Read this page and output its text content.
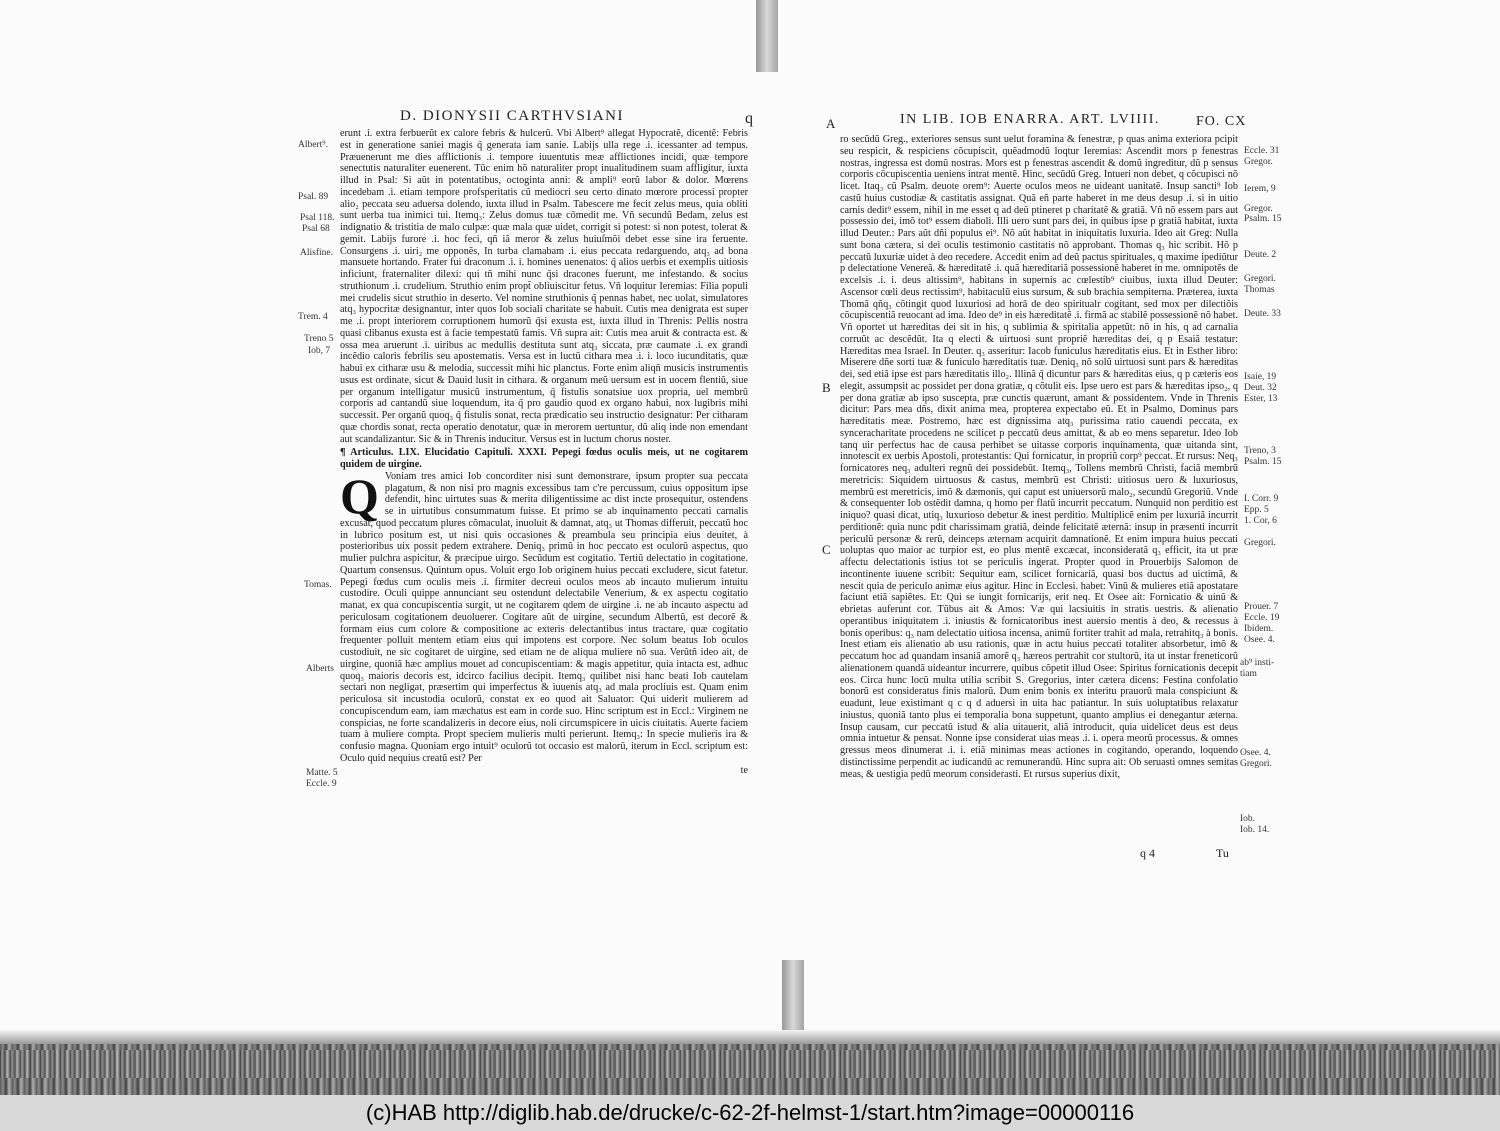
D. DIONYSII CARTHVSIANI	q
Albert⁹.
Psal. 89
Psal 118.
Psal 68
Alisfine.
Trem. 4
Treno 5
Iob, 7
Tomas.
Alberts
Matte. 5
Eccle. 9

erunt .i. extra ferbuerũt ex calore febris & hulcerũ. Vbi Albert⁹ allegat Hypocratẽ, dicentẽ: Febris est in generatione saniei magis q̃ generata iam sanie. Labijs ulla rege .i. icessanter ad tempus. Præuenerunt me dies afflictionis .i. tempore iuuentutis meæ afflictiones incidi, quæ tempore senectutis naturaliter euenerent. Tũc enim hõ naturaliter propt inualitudinem suam affligitur, iuxta illud in Psal: Si aũt in potentatibus, octoginta anni: & ampli⁹ eorũ labor & dolor. Mœrens incedebam .i. etiam tempore profsperitatis cũ mediocri seu certo dinato mœrore processi propter alio₂ peccata seu aduersa dolendo, iuxta illud in Psalm. Tabescere me fecit zelus meus, quia obliti sunt uerba tua inimici tui. Itemq₃: Zelus domus tuæ cõmedit me. Vñ secundũ Bedam, zelus est indignatio & tristitia de malo culpæ: quæ mala quæ uidet, corrigit si potest: si non potest, tolerat & gemit. Labijs furore .i. hoc feci, qñ iã meror & zelus huiuſmõi debet esse sine ira feruente. Consurgens .i. uiri₂ me opponẽs, In turba clamabam .i. eius peccata redarguendo, atq₃ ad bona mansuete hortando. Frater fui draconum .i. i. homines uenenatos: q̃ alios uerbis et exemplis uitiosis inficiunt, fraternaliter dilexi: qui tñ mihi nunc q̃si dracones fuerunt, me infestando. & socius struthionum .i. crudelium. Struthio enim propt̃ obliuiscitur fetus. Vñ loquitur Ieremias: Filia populi mei crudelis sicut struthio in deserto. Vel nomine struthionis q̃ pennas habet, nec uolat, simulatores atq₃ hypocritæ designantur, inter quos Iob sociali charitate se habuit. Cutis mea denigrata est super me .i. propt interiorem corruptionem humorũ q̃si exusta est, iuxta illud in Threnis: Pellis nostra quasi clibanus exusta est à facie tempestatũ famis. Vñ supra ait: Cutis mea aruit & contracta est. & ossa mea aruerunt .i. uiribus ac medullis destituta sunt atq₃ siccata, præ caumate .i. ex grandi incẽdio caloris febrilis seu apostematis. Versa est in luctũ cithara mea .i. i. loco iucunditatis, quæ habui ex citharæ usu & melodia, successit mihi hic planctus. Forte enim aliqñ musicis instrumentis usus est ordinate, sicut & Dauid lusit in cithara. & organum meũ uersum est in uocem flentiũ, siue per organum intelligatur musicũ instrumentum, q̃ fistulis sonatsiue uox propria, uel membrũ corporis ad cantandũ siue loquendum, ita q̃ pro gaudio quod ex organo habui, nox lugibris mihi successit. Per organũ quoq₃ q̃ fistulis sonat, recta prædicatio seu instructio designatur: Per citharam quæ chordis sonat, recta operatio denotatur, quæ in merorem uertuntur, dũ aliq inde non emendant aut scandalizantur. Sic & in Threnis inducitur. Versus est in luctum chorus noster.

¶ Articulus. LIX. Elucidatio Capituli. XXXI. Pepegi fœdus oculis meis, ut ne cogitarem quidem de uirgine.

Q Voniam tres amici Iob concorditer nisi sunt demonstrare, ipsum propter sua peccata plagatum, & non nisi pro magnis excessibus tam c're percussum, cuius oppositum ipse defendit, hinc uirtutes suas & merita diligentissime ac dist incte prosequitur, ostendens se in uirtutibus consummatum fuisse. Et primo se ab inquinamento peccati carnalis excusat, quod peccatum plures cõmaculat, inuoluit & damnat, atq₃ ut Thomas differuit, peccatũ hoc in lubrico positum est, ut nisi quis occasiones & preambula seu principia eius deuitet, à posterioribus uix possit pedem extrahere. Deniq₃ primũ in hoc peccato est oculorũ aspectus, quo mulier pulchra aspicitur, & præcipue uirgo. Secũdum est cogitatio. Tertiũ delectatio in cogitatione. Quartum consensus. Quintum opus. Voluit ergo Iob originem huius peccati excludere, sicut fatetur. Pepegi fœdus cum oculis meis .i. firmiter decreui oculos meos ab incauto mulierum intuitu custodire. Oculi quippe annunciant seu ostendunt delectabile Venerium, & ex aspectu cogitatio manat, ex qua concupiscentia surgit, ut ne cogitarem qdem de uirgine .i. ne ab incauto aspectu ad periculosam cogitationem deuoluerer. Cogitare aũt de uirgine, secundum Albertũ, est decorẽ & formam eius cum colore & compositione ac exteris delectantibus intus tractare, quæ cogitatio frequenter polluit mentem etiam eius qui impotens est corpore. Nec solum beatus Iob oculos custodiuit, ne sic cogitaret de uirgine, sed etiam ne de aliqua muliere nõ sua. Verũtñ ideo ait, de uirgine, quoniã hæc amplius mouet ad concupiscentiam: & magis appetitur, quia intacta est, adhuc quoq₃ maioris decoris est, idcirco facilius decipit. Itemq₃ quilibet nisi hanc beati Iob cautelam sectari non negligat, præsertim qui imperfectus & iuuenis atq₃ ad mala procliuis est. Quam enim periculosa sit incustodia oculorũ, constat ex eo quod ait Saluator: Qui uiderit mulierem ad concupiscendum eam, iam mæchatus est eam in corde suo. Hinc scriptum est in Eccl.: Virginem ne conspicias, ne forte scandalizeris in decore eius, noli circumspicere in uicis ciuitatis. Auerte faciem tuam à muliere compta. Propt speciem mulieris multi perierunt. Itemq₃: In specie mulieris ira & confusio magna. Quoniam ergo intuit⁹ oculorũ tot occasio est malorũ, iterum in Eccl. scriptum est: Oculo quid nequius creatũ est? Per

te

A	IN LIB. IOB ENARRA. ART. LVIIII.	FO. CX
B
C
Eccle. 31
Gregor.
Ierem, 9
Gregor.
Psalm. 15
Deute. 2
Gregori.
Thomas
Deute. 33
Isaie, 19
Deut. 32
Ester, 13
Treno, 3
Psalm. 15
I. Corr. 9
Epp. 5
1. Cor, 6
Gregori.
Prouer. 7
Eccle. 19
Ibidem.
Osee. 4.
ab⁹ insti-
tiam
Osee. 4.
Gregori.
Iob.
Iob. 14.

ro secũdũ Greg., exteriores sensus sunt uelut foramina & fenestræ, p quas anima exteriora pcipit seu respicit, & respiciens cõcupiscit, quẽadmodũ loqtur Ieremias: Ascendit mors p fenestras nostras, ingressa est domũ nostras. Mors est p fenestras ascendit & domũ ingreditur, dũ p sensus corporis cõcupiscentia ueniens intrat mentẽ. Hinc, secũdũ Greg. Intueri non debet, q cõcupisci nõ licet. Itaq₃ cũ Psalm. deuote orem⁹: Auerte oculos meos ne uideant uanitatẽ. Insup sancti⁹ Iob castũ huius custodiæ & castitatis assignat. Quã eñ parte haberet in me deus desup .i. si in uitio carnis dedit⁹ essem, nihil in me esset q ad deũ ptineret p charitatẽ & gratiã. Vñ nõ essem pars aut possessio dei, imõ tot⁹ essem diaboli. Illi uero sunt pars dei, in quibus ipse p gratiã habitat, iuxta illud Deuter.: Pars aũt dñi populus ei⁹. Nõ aũt habitat in iniquitatis luxuria. Ideo ait Greg: Nulla sunt bona cætera, si dei oculis testimonio castitatis nõ approbant. Thomas q₃ hic scribit. Hõ p peccatũ luxuriæ uidet à deo recedere. Accedit enim ad deũ pactus spirituales, q maxime ipediũtur p delectatione Venereã. & hæreditatẽ .i. quã hæreditariã possessionẽ haberet in me. omnipotẽs de excelsis .i. i. deus altissim⁹, habitans in supernis ac cœlestib⁹ ciuibus, iuxta illud Deuter: Ascensor cœli deus rectissim⁹, habitaculũ eius sursum, & sub brachia sempiterna. Præterea, iuxta Thomã qñq₃ cõtingit quod luxuriosi ad horã de deo spiritualr cogitant, sed mox per dilectiõis cõcupiscentiã reuocant ad ima. Ideo de⁹ in eis hæreditatẽ .i. firmã ac stabilẽ possessionẽ nõ habet. Vñ oportet ut hæreditas dei sit in his, q sublimia & spiritalia appetũt: nõ in his, q ad carnalia corruũt ac descẽdũt. Ita q electi & uirtuosi sunt propriẽ hæreditas dei, q p Esaiã testatur: Hæreditas mea Israel. In Deuter. q₃ asseritur: Iacob funiculus hæreditatis eius. Et in Esther libro: Miserere dñe sorti tuæ & funiculo hæreditatis tuæ. Deniq₃ nõ solũ uirtuosi sunt pars & hæreditas dei, sed etiã ipse est pars hæreditatis illo₂. Illinã q̃ dicuntur pars & hæreditas eius, q p cæteris eos elegit, assumpsit ac possidet per dona gratiæ, q cõtulit eis. Ipse uero est pars & hæreditas ipso₂, q per dona gratiæ ab ipso suscepta, præ cunctis quærunt, amant & possidentem. Vnde in Threnis dicitur: Pars mea dñs, dixit anima mea, propterea expectabo eũ. Et in Psalmo, Dominus pars hæreditatis meæ. Postremo, hæc est dignissima atq₃ purissima ratio cauendi peccata, ex synceracharitate procedens ne scilicet p peccatũ deus amittat, & ab eo mens separetur. Ideo Iob tanq uir perfectus hac de causa perhibet se uitasse corporis inquinamenta, quæ uitanda sint, innotescit ex uerbis Apostoli, protestantis: Qui fornicatur, in propriũ corp⁹ peccat. Et rursus: Neq₃ fornicatores neq₃ adulteri regnũ dei possidebũt. Itemq₃, Tollens membrũ Christi, faciã membrũ meretricis: Siquidem uirtuosus & castus, membrũ est Christi: uitiosus uero & luxuriosus, membrũ est meretricis, imõ & dæmonis, qui caput est uniuersorũ malo₂, secundũ Gregoriũ. Vnde & consequenter Iob ostẽdit damna, q homo per flatũ incurrit peccatum. Nunquid non perditio est iniquo? quasi dicat, utiq₃ luxurioso debetur & inest perditio. Multiplicẽ enim per luxuriã incurrit perditionẽ: quia nunc pdit charissimam gratiã, deinde felicitatẽ æternã: insup in præsenti incurrit periculũ personæ & rerũ, deinceps æternam acquirit damnationẽ. Et enim impura huius peccati uoluptas quo maior ac turpior est, eo plus mentẽ excæcat, inconsideratã q₃ efficit, ita ut præ affectu delectationis istius tot se periculis ingerat. Propter quod in Prouerbijs Salomon de incontinente iuuene scribit: Sequitur eam, scilicet fornicariã, quasi bos ductus ad uictimã, & nescit quia de periculo animæ eius agitur. Hinc in Ecclesi. habet: Vinũ & mulieres etiã apostatare faciunt etiã sapiẽtes. Et: Qui se iungit fornicarijs, erit neq. Et Osee ait: Fornicatio & uinũ & ebrietas auferunt cor. Tũbus ait & Amos: Væ qui lacsiuitis in stratis uestris. & alienatio operantibus iniquitatem .i. iniustis & fornicatoribus inest auersio mentis à deo, & recessus à bonis operibus: q₃ nam delectatio uitiosa incensa, animũ fortiter trahit ad mala, retrahitq₃ à bonis. Inest etiam eis alienatio ab usu rationis, quæ in actu huius peccati totaliter absorbetur, imõ & peccatum hoc ad quandam insaniã amorẽ q₃ hæreos pertrahit cor stultorũ, ita ut instar freneticorũ alienationem quandã uideantur incurrere, quibus cõpetit illud Osee: Spiritus fornicationis decepit eos. Circa hunc locũ multa utilia scribit S. Gregorius, inter cætera dicens: Festina confolatio bonorũ est consideratus finis malorũ. Dum enim bonis ex interitu prauorũ mala conspiciunt & euadunt, leue existimant q c q d aduersi in uita hac patiantur. In suis uoluptatibus relaxatur iniustus, quoniã tanto plus ei temporalia bona suppetunt, quanto amplius ei denegantur æterna. Insup causam, cur peccatũ istud & alia uitauerit, aliã introducit, quia uidelicet deus est deus omnia intuetur & pensat. Nonne ipse considerat uias meas .i. i. opera meorũ processus. & omnes gressus meos dinumerat .i. i. etiã minimas meas actiones in cogitando, operando, loquendo distinctissime perpendit ac iudicandũ ac remunerandũ. Hinc supra ait: Ob seruasti omnes semitas meas, & uestigia pedũ meorum considerasti. Et rursus superius dixit,

q 4	Tu
(c)HAB http://diglib.hab.de/drucke/c-62-2f-helmst-1/start.htm?image=00000116
